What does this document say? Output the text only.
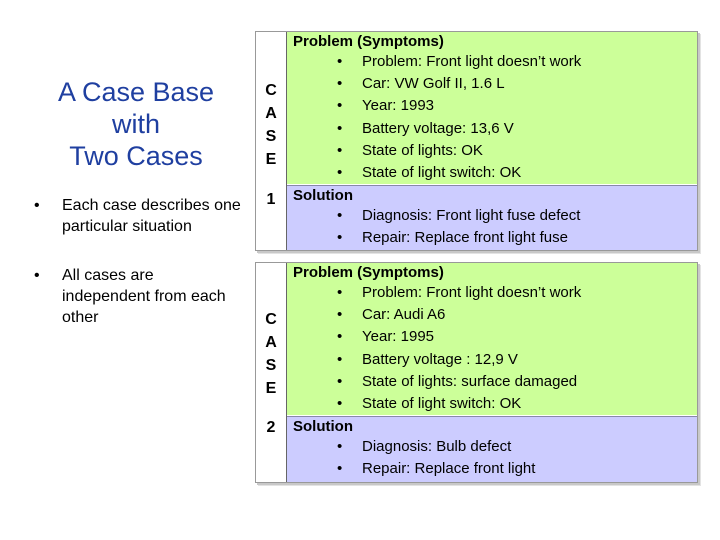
A Case Base
with
Two Cases
• Each case describes one particular situation
• All cases are independent from each other
C
A
S
E
1
Problem (Symptoms)
• Problem: Front light doesn’t work
• Car: VW Golf II, 1.6 L
• Year: 1993
• Battery voltage: 13,6 V
• State of lights: OK
• State of light switch: OK
Solution
• Diagnosis: Front light fuse defect
• Repair: Replace front light fuse
C
A
S
E
2
Problem (Symptoms)
• Problem: Front light doesn’t work
• Car: Audi A6
• Year: 1995
• Battery voltage : 12,9 V
• State of lights: surface damaged
• State of light switch: OK
Solution
• Diagnosis: Bulb defect
• Repair: Replace front light
